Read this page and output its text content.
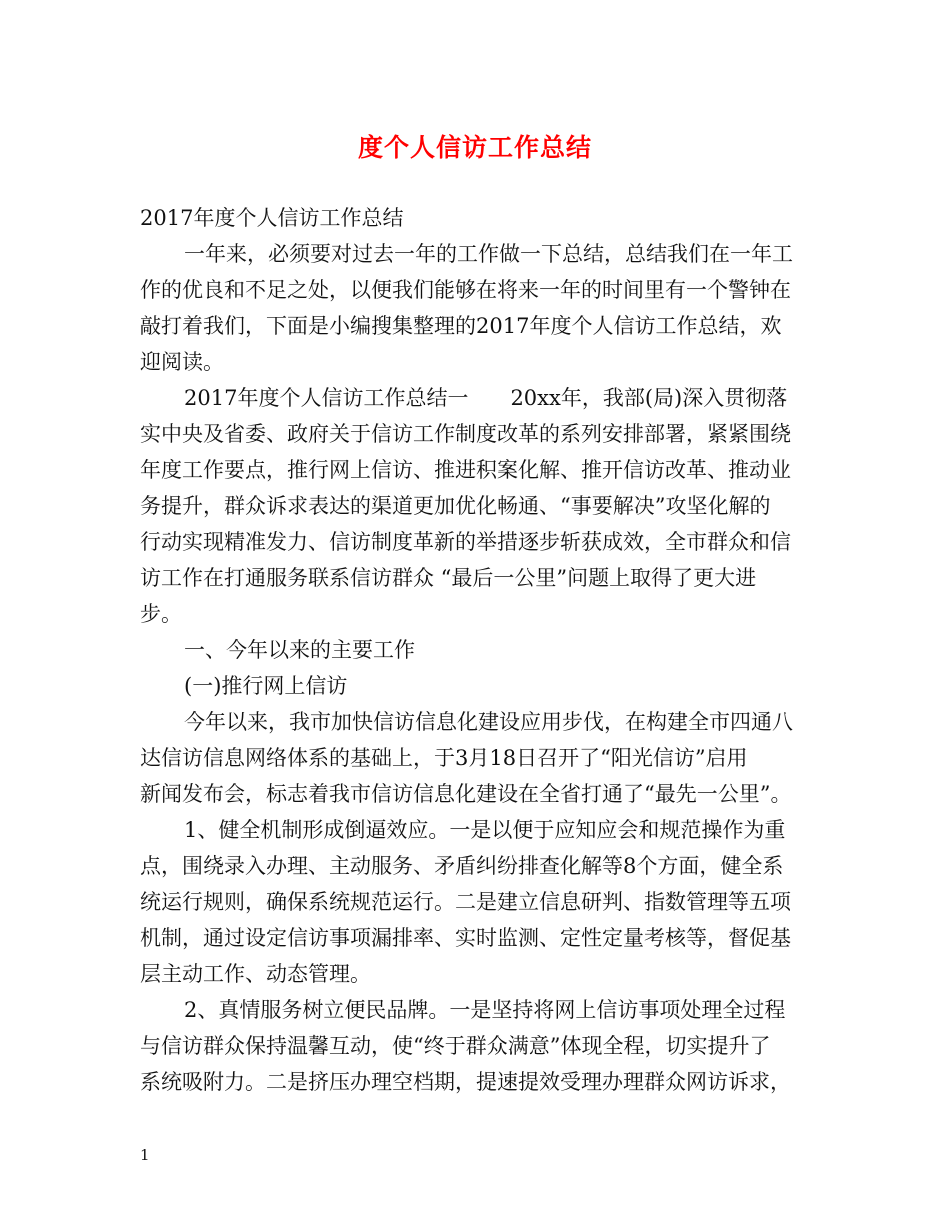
度个人信访工作总结
2017年度个人信访工作总结
一年来，必须要对过去一年的工作做一下总结，总结我们在一年工
作的优良和不足之处，以便我们能够在将来一年的时间里有一个警钟在
敲打着我们，下面是小编搜集整理的2017年度个人信访工作总结，欢
迎阅读。
2017年度个人信访工作总结一　　20xx年，我部(局)深入贯彻落
实中央及省委、政府关于信访工作制度改革的系列安排部署，紧紧围绕
年度工作要点，推行网上信访、推进积案化解、推开信访改革、推动业
务提升，群众诉求表达的渠道更加优化畅通、“事要解决”攻坚化解的
行动实现精准发力、信访制度革新的举措逐步斩获成效，全市群众和信
访工作在打通服务联系信访群众 “最后一公里”问题上取得了更大进
步。
一、今年以来的主要工作
(一)推行网上信访
今年以来，我市加快信访信息化建设应用步伐，在构建全市四通八
达信访信息网络体系的基础上，于3月18日召开了“阳光信访”启用
新闻发布会，标志着我市信访信息化建设在全省打通了“最先一公里”。
1、健全机制形成倒逼效应。一是以便于应知应会和规范操作为重
点，围绕录入办理、主动服务、矛盾纠纷排查化解等8个方面，健全系
统运行规则，确保系统规范运行。二是建立信息研判、指数管理等五项
机制，通过设定信访事项漏排率、实时监测、定性定量考核等，督促基
层主动工作、动态管理。
2、真情服务树立便民品牌。一是坚持将网上信访事项处理全过程
与信访群众保持温馨互动，使“终于群众满意”体现全程，切实提升了
系统吸附力。二是挤压办理空档期，提速提效受理办理群众网访诉求，
1
